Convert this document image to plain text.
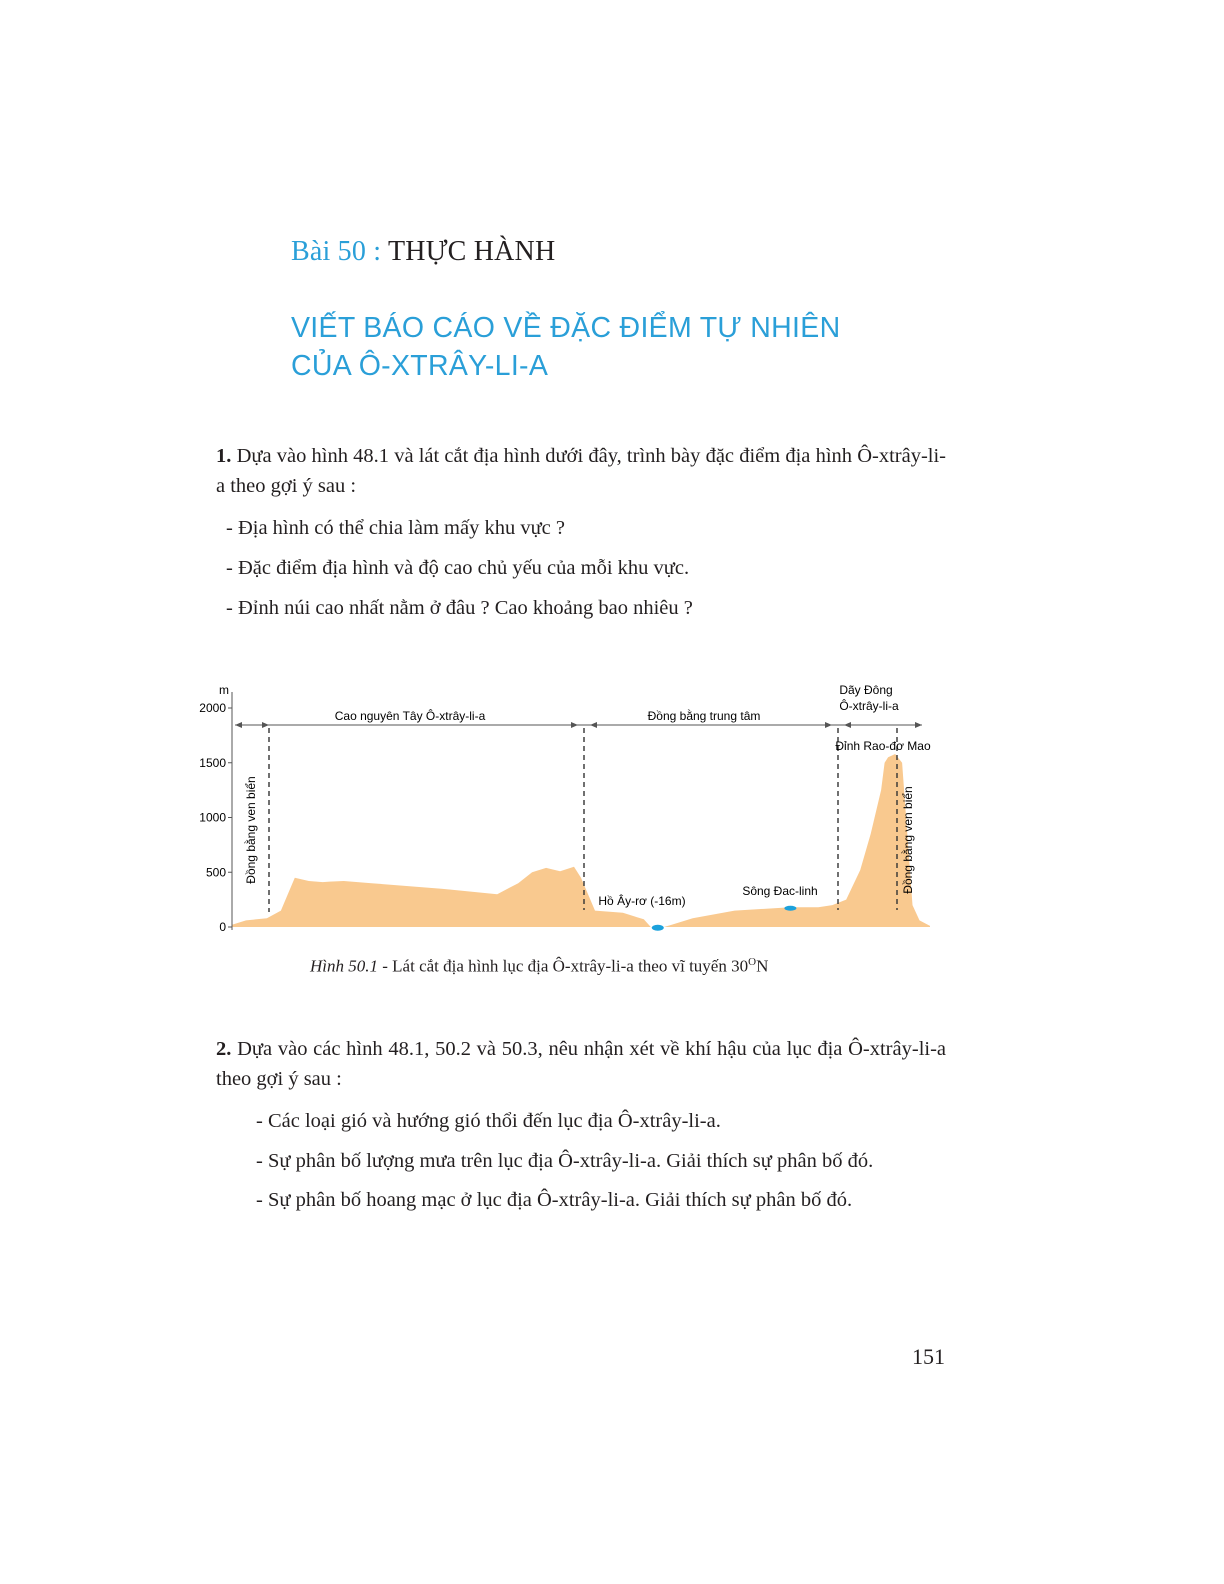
Bài 50 : THỰC HÀNH
VIẾT BÁO CÁO VỀ ĐẶC ĐIỂM TỰ NHIÊN
CỦA Ô-XTRÂY-LI-A
1. Dựa vào hình 48.1 và lát cắt địa hình dưới đây, trình bày đặc điểm địa hình Ô-xtrây-li-a theo gợi ý sau :
- Địa hình có thể chia làm mấy khu vực ?
- Đặc điểm địa hình và độ cao chủ yếu của mỗi khu vực.
- Đỉnh núi cao nhất nằm ở đâu ? Cao khoảng bao nhiêu ?
m
2000
1500
1000
500
0
Cao nguyên Tây Ô-xtrây-li-a	Đồng bằng trung tâm
Dãy Đông
Ô-xtrây-li-a
Đỉnh Rao-đơ Mao
Hồ Ây-rơ (-16m)
Sông Đac-linh
Đồng bằng ven biển	Đồng bằng ven biển
Hình 50.1 - Lát cắt địa hình lục địa Ô-xtrây-li-a theo vĩ tuyến $30^ON$
2. Dựa vào các hình 48.1, 50.2 và 50.3, nêu nhận xét về khí hậu của lục địa Ô-xtrây-li-a theo gợi ý sau :
- Các loại gió và hướng gió thổi đến lục địa Ô-xtrây-li-a.
- Sự phân bố lượng mưa trên lục địa Ô-xtrây-li-a. Giải thích sự phân bố đó.
- Sự phân bố hoang mạc ở lục địa Ô-xtrây-li-a. Giải thích sự phân bố đó.
151
